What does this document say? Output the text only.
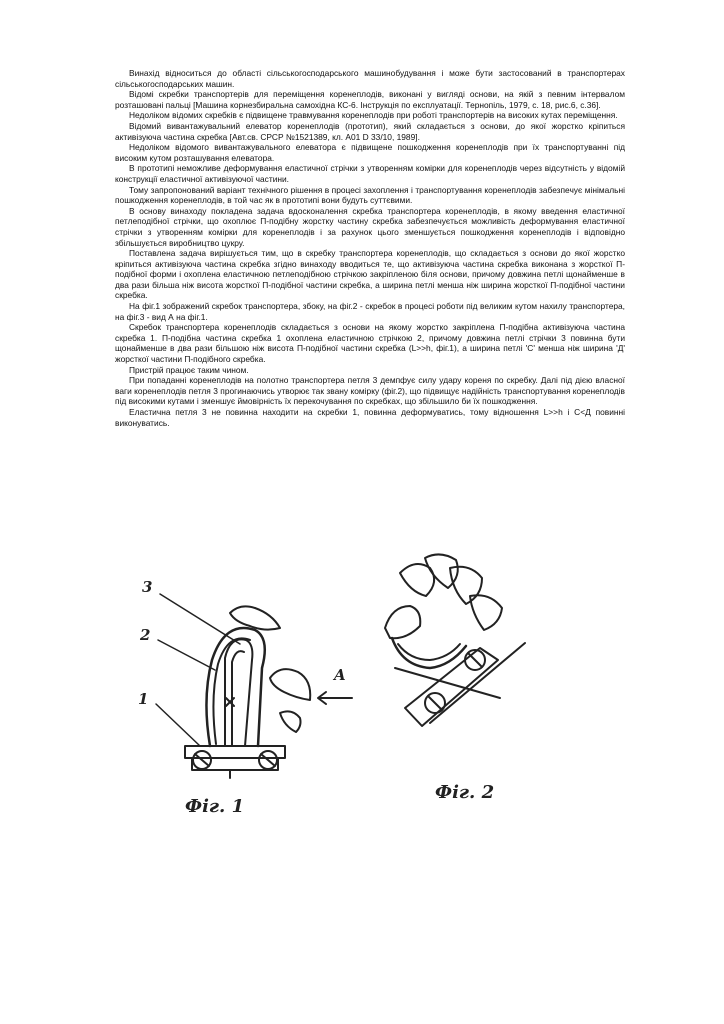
Винахід відноситься до області сільськогосподарського машинобудування і може бути застосований в транспортерах сільськогосподарських машин.

Відомі скребки транспортерів для переміщення коренеплодів, виконані у вигляді основи, на якій з певним інтервалом розташовані пальці [Машина корнезбиральна самохідна КС-6. Інструкція по експлуатації. Тернопіль, 1979, с. 18, рис.6, с.36].

Недоліком відомих скребків є підвищене травмування коренеплодів при роботі транспортерів на високих кутах переміщення.

Відомий вивантажувальний елеватор коренеплодів (прототип), який складається з основи, до якої жорстко кріпиться активізуюча частина скребка [Авт.св. СРСР №1521389, кл. А01 D 33/10, 1989].

Недоліком відомого вивантажувального елеватора є підвищене пошкодження коренеплодів при їх транспортуванні під високим кутом розташування елеватора.

В прототипі неможливе деформування еластичної стрічки з утворенням комірки для коренеплодів через відсутність у відомій конструкції еластичної активізуючої частини.

Тому запропонований варіант технічного рішення в процесі захоплення і транспортування коренеплодів забезпечує мінімальні пошкодження коренеплодів, в той час як в прототипі вони будуть суттєвими.

В основу винаходу покладена задача вдосконалення скребка транспортера коренеплодів, в якому введення еластичної петлеподібної стрічки, що охоплює П-подібну жорстку частину скребка забезпечується можливість деформування еластичної стрічки з утворенням комірки для коренеплодів і за рахунок цього зменшується пошкодження коренеплодів і відповідно збільшується виробництво цукру.

Поставлена задача вирішується тим, що в скребку транспортера коренеплодів, що складається з основи до якої жорстко кріпиться активізуюча частина скребка згідно винаходу вводиться те, що активізуюча частина скребка виконана з жорсткої П-подібної форми і охоплена еластичною петлеподібною стрічкою закріпленою біля основи, причому довжина петлі щонайменше в два рази більша ніж висота жорсткої П-подібної частини скребка, а ширина петлі менша ніж ширина жорсткої П-подібної частини скребка.

На фіг.1 зображений скребок транспортера, збоку, на фіг.2 - скребок в процесі роботи під великим кутом нахилу транспортера, на фіг.3 - вид А на фіг.1.

Скребок транспортера коренеплодів складається з основи на якому жорстко закріплена П-подібна активізуюча частина скребка 1. П-подібна частина скребка 1 охоплена еластичною стрічкою 2, причому довжина петлі стрічки 3 повинна бути щонайменше в два рази більшою ніж висота П-подібної частини скребка (L>>h, фіг.1), а ширина петлі 'С' менша ніж ширина 'Д' жорсткої частини П-подібного скребка.

Пристрій працює таким чином.

При попаданні коренеплодів на полотно транспортера петля 3 демпфує силу удару кореня по скребку. Далі під дією власної ваги коренеплодів петля 3 прогинаючись утворює так звану комірку (фіг.2), що підвищує надійність транспортування коренеплодів під високими кутами і зменшує ймовірність їх перекочування по скребках, що збільшило би їх пошкодження.

Еластична петля 3 не повинна находити на скребки 1, повинна деформуватись, тому відношення L>>h і С<Д повинні виконуватись.

3
2
1
A
Фіг. 1
Фіг. 2
